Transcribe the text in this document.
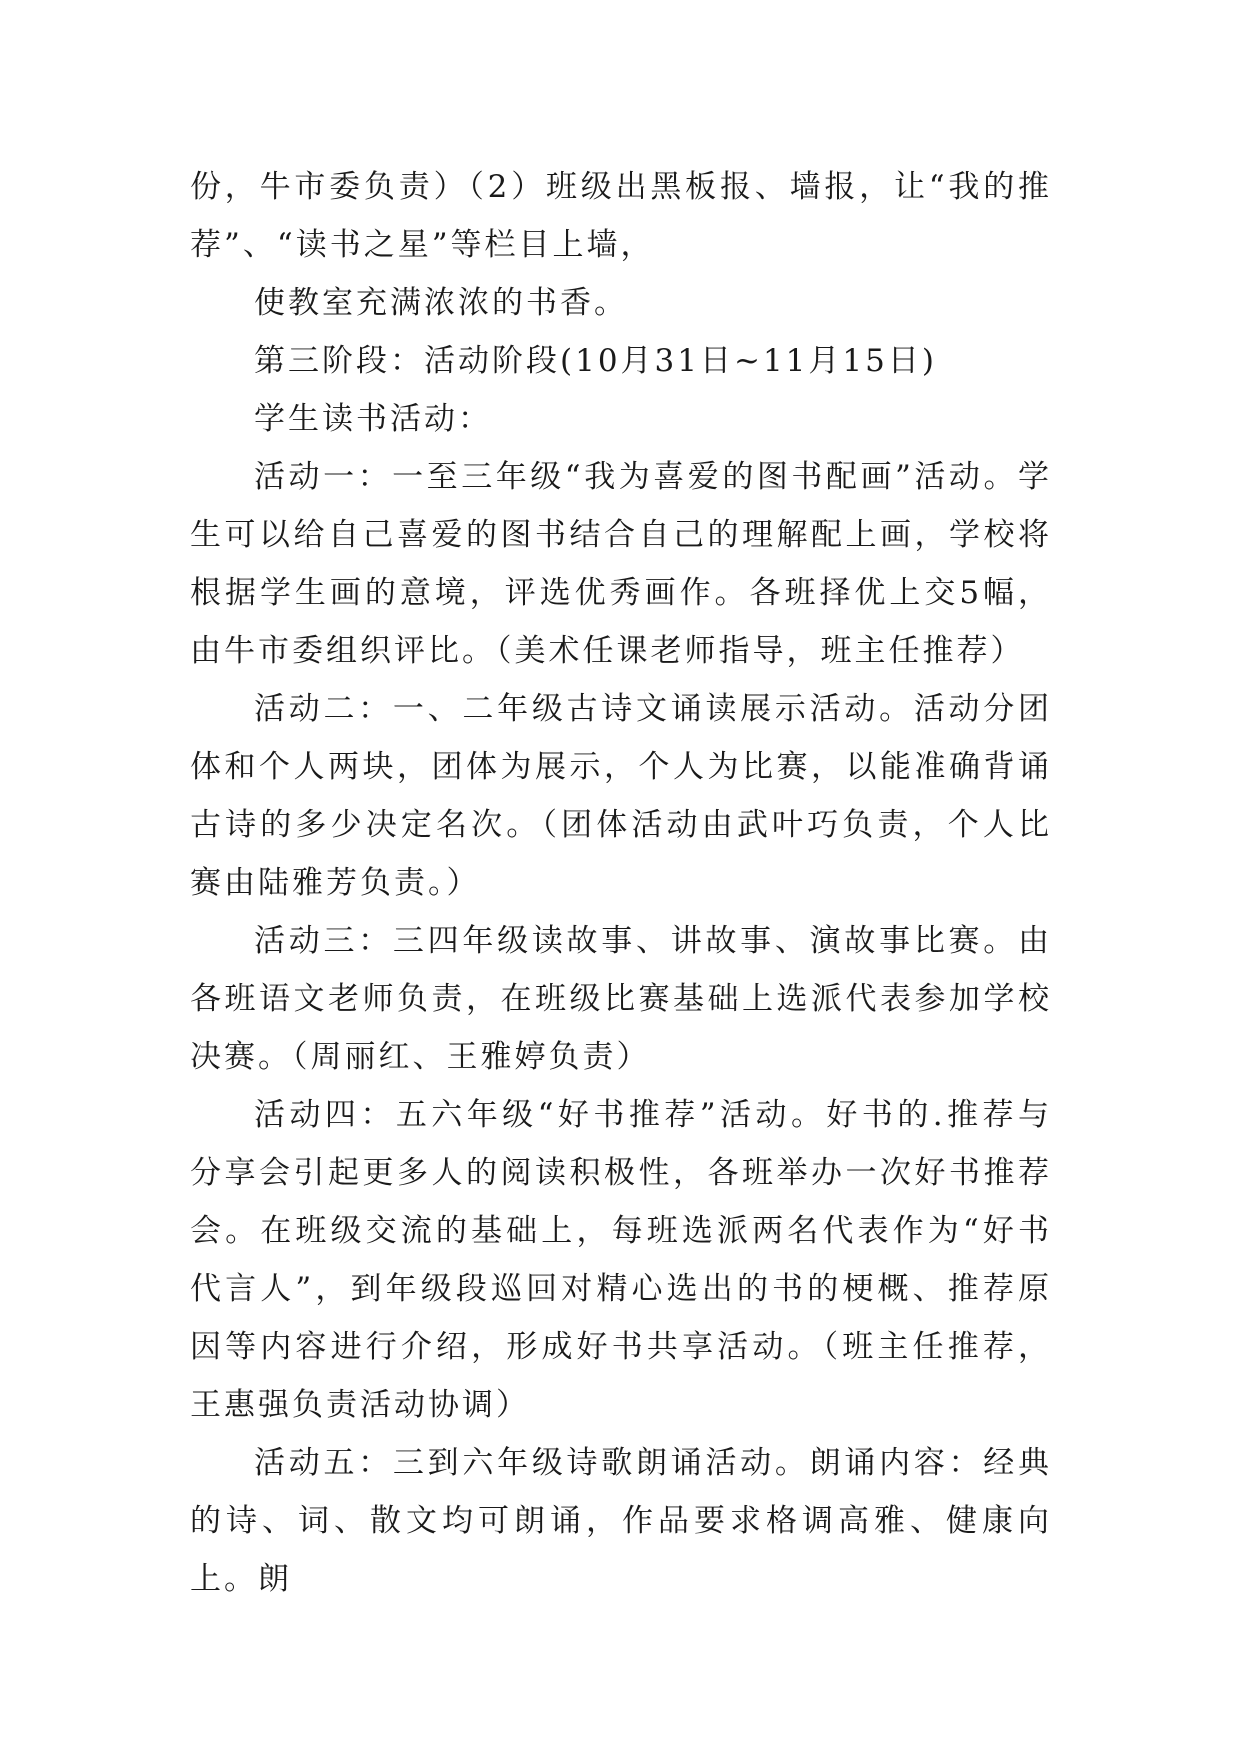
份，牛市委负责）（2）班级出黑板报、墙报，让“我的推荐”、“读书之星”等栏目上墙，

使教室充满浓浓的书香。

第三阶段：活动阶段(10月31日~11月15日)

学生读书活动：

活动一：一至三年级“我为喜爱的图书配画”活动。学生可以给自己喜爱的图书结合自己的理解配上画，学校将根据学生画的意境，评选优秀画作。各班择优上交5幅，由牛市委组织评比。（美术任课老师指导，班主任推荐）

活动二：一、二年级古诗文诵读展示活动。活动分团体和个人两块，团体为展示，个人为比赛，以能准确背诵古诗的多少决定名次。（团体活动由武叶巧负责，个人比赛由陆雅芳负责。）

活动三：三四年级读故事、讲故事、演故事比赛。由各班语文老师负责，在班级比赛基础上选派代表参加学校决赛。（周丽红、王雅婷负责）

活动四：五六年级“好书推荐”活动。好书的.推荐与分享会引起更多人的阅读积极性，各班举办一次好书推荐会。在班级交流的基础上，每班选派两名代表作为“好书代言人”，到年级段巡回对精心选出的书的梗概、推荐原因等内容进行介绍，形成好书共享活动。（班主任推荐，王惠强负责活动协调）

活动五：三到六年级诗歌朗诵活动。朗诵内容：经典的诗、词、散文均可朗诵，作品要求格调高雅、健康向上。朗
